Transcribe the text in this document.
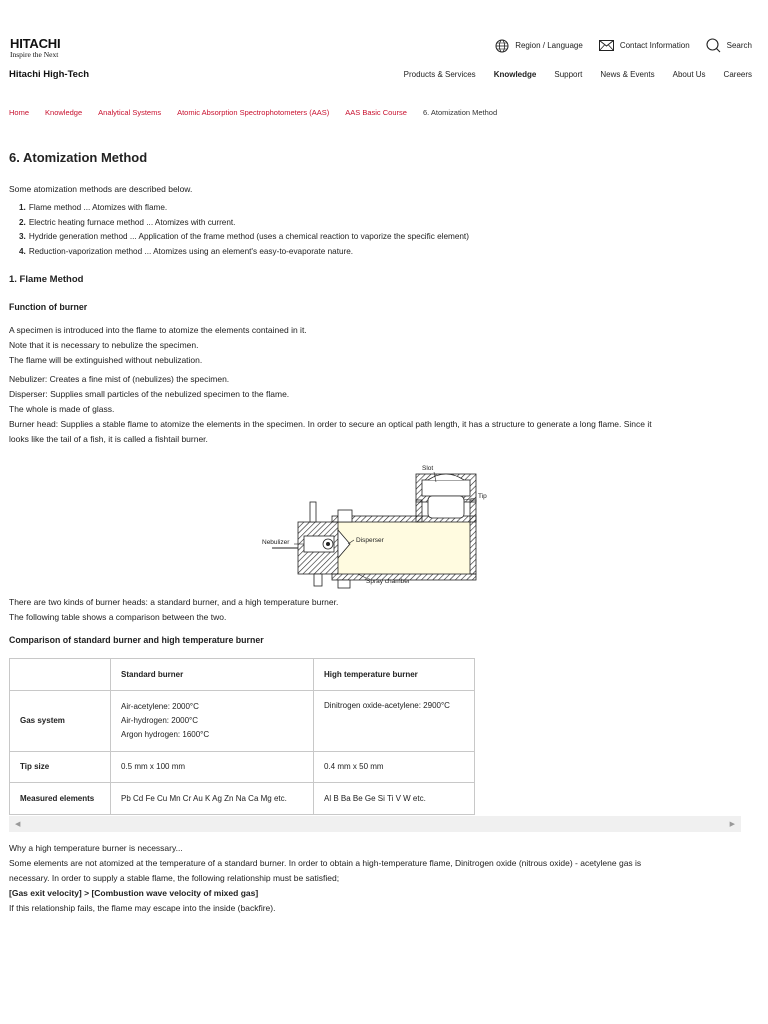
HITACHI
Inspire the Next
Hitachi High-Tech
Region / Language	Contact Information	Search
Products & Services Knowledge Support News & Events About Us Careers
Home Knowledge Analytical Systems Atomic Absorption Spectrophotometers (AAS) AAS Basic Course 6. Atomization Method
6. Atomization Method
Some atomization methods are described below.
1. Flame method ... Atomizes with flame.
2. Electric heating furnace method ... Atomizes with current.
3. Hydride generation method ... Application of the frame method (uses a chemical reaction to vaporize the specific element)
4. Reduction-vaporization method ... Atomizes using an element's easy-to-evaporate nature.
1. Flame Method
Function of burner
A specimen is introduced into the flame to atomize the elements contained in it.
Note that it is necessary to nebulize the specimen.
The flame will be extinguished without nebulization.
Nebulizer: Creates a fine mist of (nebulizes) the specimen.
Disperser: Supplies small particles of the nebulized specimen to the flame.
The whole is made of glass.
Burner head: Supplies a stable flame to atomize the elements in the specimen. In order to secure an optical path length, it has a structure to generate a long flame. Since it
looks like the tail of a fish, it is called a fishtail burner.
Slot
Tip
Nebulizer	Disperser
Spray chamber
There are two kinds of burner heads: a standard burner, and a high temperature burner.
The following table shows a comparison between the two.
Comparison of standard burner and high temperature burner
	Standard burner	High temperature burner
Gas system	Air-acetylene: 2000°C
Air-hydrogen: 2000°C
Argon hydrogen: 1600°C	Dinitrogen oxide-acetylene: 2900°C

Tip size	0.5 mm x 100 mm	0.4 mm x 50 mm
Measured elements	Pb Cd Fe Cu Mn Cr Au K Ag Zn Na Ca Mg etc.	Al B Ba Be Ge Si Ti V W etc.
◀	▶
Why a high temperature burner is necessary...
Some elements are not atomized at the temperature of a standard burner. In order to obtain a high-temperature flame, Dinitrogen oxide (nitrous oxide) - acetylene gas is
necessary. In order to supply a stable flame, the following relationship must be satisfied;
[Gas exit velocity] > [Combustion wave velocity of mixed gas]
If this relationship fails, the flame may escape into the inside (backfire).
